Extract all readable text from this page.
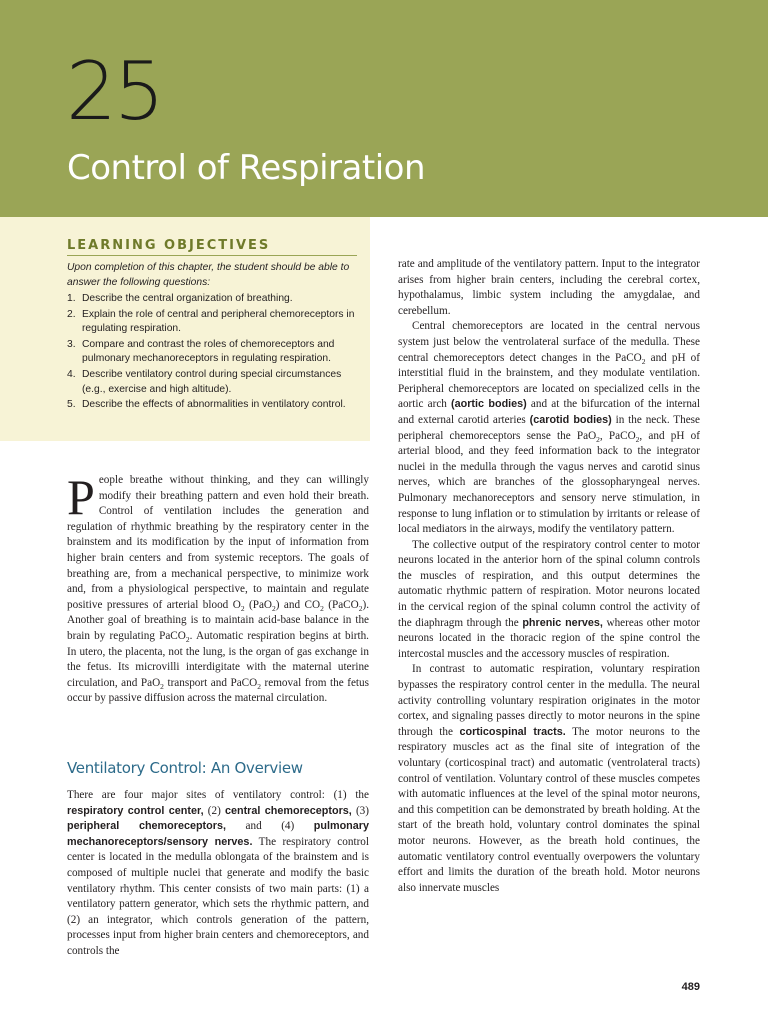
25
Control of Respiration
LEARNING OBJECTIVES

Upon completion of this chapter, the student should be able to answer the following questions:

1. Describe the central organization of breathing.
2. Explain the role of central and peripheral chemoreceptors in regulating respiration.
3. Compare and contrast the roles of chemoreceptors and pulmonary mechanoreceptors in regulating respiration.
4. Describe ventilatory control during special circumstances (e.g., exercise and high altitude).
5. Describe the effects of abnormalities in ventilatory control.

People breathe without thinking, and they can willingly modify their breathing pattern and even hold their breath. Control of ventilation includes the generation and regulation of rhythmic breathing by the respiratory center in the brainstem and its modification by the input of information from higher brain centers and from systemic receptors. The goals of breathing are, from a mechanical perspective, to minimize work and, from a physiological perspective, to maintain and regulate positive pressures of arterial blood $O_2$ (PaO$_2$) and $CO_2$ (PaCO$_2$). Another goal of breathing is to maintain acid-base balance in the brain by regulating PaCO$_2$. Automatic respiration begins at birth. In utero, the placenta, not the lung, is the organ of gas exchange in the fetus. Its microvilli interdigitate with the maternal uterine circulation, and PaO$_2$ transport and PaCO$_2$ removal from the fetus occur by passive diffusion across the maternal circulation.

Ventilatory Control: An Overview

There are four major sites of ventilatory control: (1) the respiratory control center, (2) central chemoreceptors, (3) peripheral chemoreceptors, and (4) pulmonary mechanoreceptors/sensory nerves. The respiratory control center is located in the medulla oblongata of the brainstem and is composed of multiple nuclei that generate and modify the basic ventilatory rhythm. This center consists of two main parts: (1) a ventilatory pattern generator, which sets the rhythmic pattern, and (2) an integrator, which controls generation of the pattern, processes input from higher brain centers and chemoreceptors, and controls the

rate and amplitude of the ventilatory pattern. Input to the integrator arises from higher brain centers, including the cerebral cortex, hypothalamus, limbic system including the amygdalae, and cerebellum.

Central chemoreceptors are located in the central nervous system just below the ventrolateral surface of the medulla. These central chemoreceptors detect changes in the PaCO$_2$ and pH of interstitial fluid in the brainstem, and they modulate ventilation. Peripheral chemoreceptors are located on specialized cells in the aortic arch (aortic bodies) and at the bifurcation of the internal and external carotid arteries (carotid bodies) in the neck. These peripheral chemoreceptors sense the PaO$_2$, PaCO$_2$, and pH of arterial blood, and they feed information back to the integrator nuclei in the medulla through the vagus nerves and carotid sinus nerves, which are branches of the glossopharyngeal nerves. Pulmonary mechanoreceptors and sensory nerve stimulation, in response to lung inflation or to stimulation by irritants or release of local mediators in the airways, modify the ventilatory pattern.

The collective output of the respiratory control center to motor neurons located in the anterior horn of the spinal column controls the muscles of respiration, and this output determines the automatic rhythmic pattern of respiration. Motor neurons located in the cervical region of the spinal column control the activity of the diaphragm through the phrenic nerves, whereas other motor neurons located in the thoracic region of the spine control the intercostal muscles and the accessory muscles of respiration.

In contrast to automatic respiration, voluntary respiration bypasses the respiratory control center in the medulla. The neural activity controlling voluntary respiration originates in the motor cortex, and signaling passes directly to motor neurons in the spine through the corticospinal tracts. The motor neurons to the respiratory muscles act as the final site of integration of the voluntary (corticospinal tract) and automatic (ventrolateral tracts) control of ventilation. Voluntary control of these muscles competes with automatic influences at the level of the spinal motor neurons, and this competition can be demonstrated by breath holding. At the start of the breath hold, voluntary control dominates the spinal motor neurons. However, as the breath hold continues, the automatic ventilatory control eventually overpowers the voluntary effort and limits the duration of the breath hold. Motor neurons also innervate muscles

489
